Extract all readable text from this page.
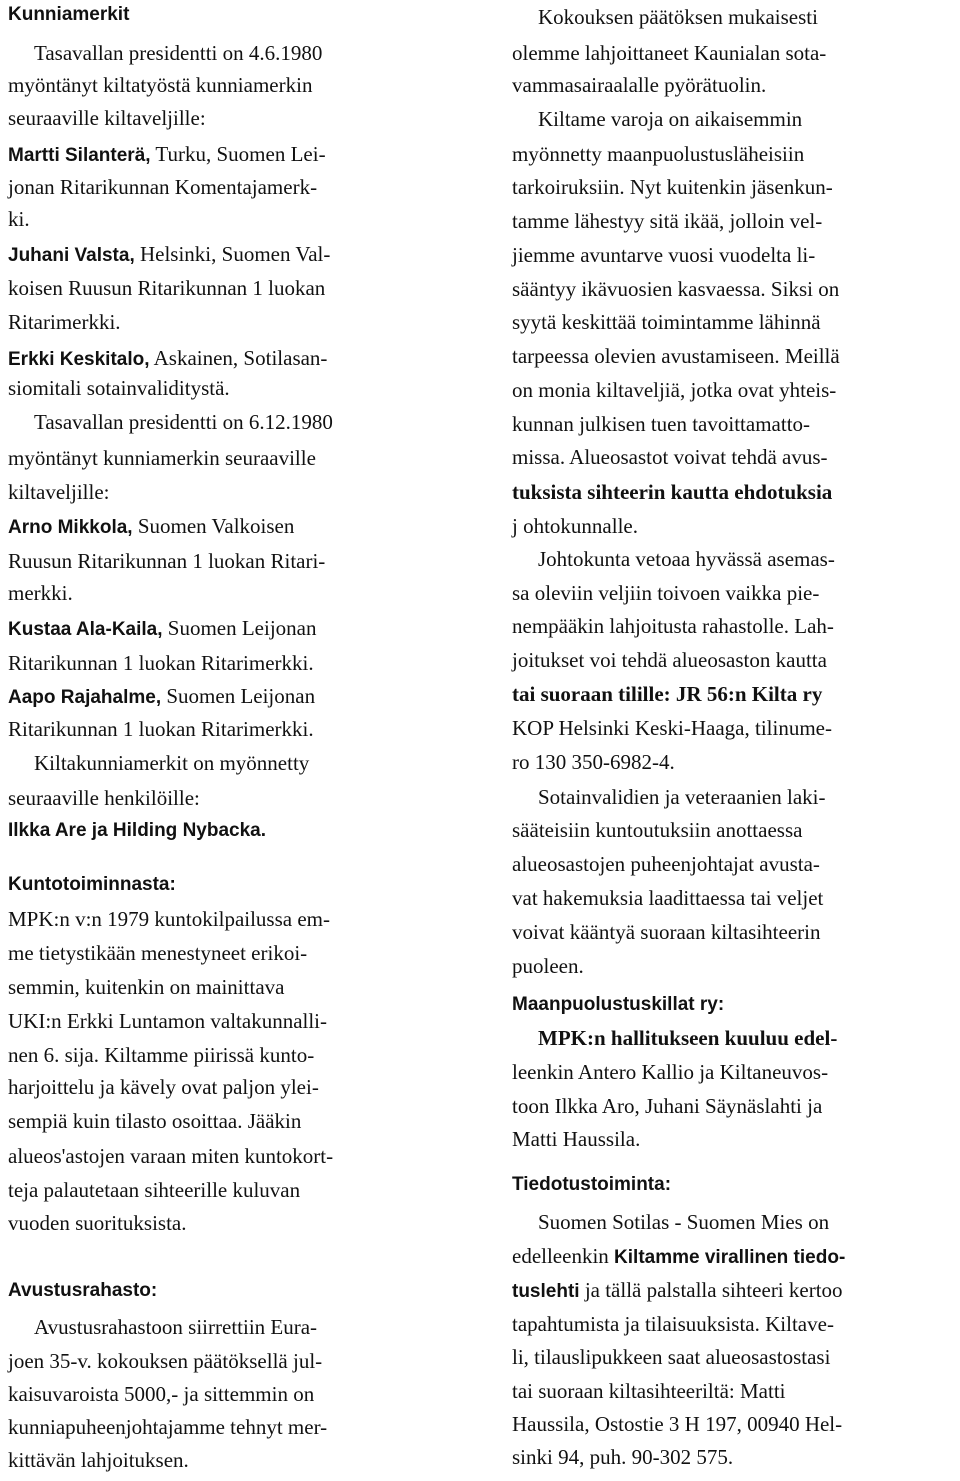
Kunniamerkit
Tasavallan presidentti on 4.6.1980
myöntänyt kiltatyöstä kunniamerkin
seuraaville kiltaveljille:
Martti Silanterä, Turku, Suomen Lei-
jonan Ritarikunnan Komentajamerk-
ki.
Juhani Valsta, Helsinki, Suomen Val-
koisen Ruusun Ritarikunnan 1 luokan
Ritarimerkki.
Erkki Keskitalo, Askainen, Sotilasan-
siomitali sotainvaliditystä.
Tasavallan presidentti on 6.12.1980
myöntänyt kunniamerkin seuraaville
kiltaveljille:
Arno Mikkola, Suomen Valkoisen
Ruusun Ritarikunnan 1 luokan Ritari-
merkki.
Kustaa Ala-Kaila, Suomen Leijonan
Ritarikunnan 1 luokan Ritarimerkki.
Aapo Rajahalme, Suomen Leijonan
Ritarikunnan 1 luokan Ritarimerkki.
Kiltakunniamerkit on myönnetty
seuraaville henkilöille:
Ilkka Are ja Hilding Nybacka.
Kuntotoiminnasta:
MPK:n v:n 1979 kuntokilpailussa em-
me tietystikään menestyneet erikoi-
semmin, kuitenkin on mainittava
UKI:n Erkki Luntamon valtakunnalli-
nen 6. sija. Kiltamme piirissä kunto-
harjoittelu ja kävely ovat paljon ylei-
sempiä kuin tilasto osoittaa. Jääkin
alueos'astojen varaan miten kuntokort-
teja palautetaan sihteerille kuluvan
vuoden suorituksista.
Avustusrahasto:
Avustusrahastoon siirrettiin Eura-
joen 35-v. kokouksen päätöksellä jul-
kaisuvaroista 5000,- ja sittemmin on
kunniapuheenjohtajamme tehnyt mer-
kittävän lahjoituksen.
Kokouksen päätöksen mukaisesti
olemme lahjoittaneet Kaunialan sota-
vammasairaalalle pyörätuolin.
Kiltame varoja on aikaisemmin
myönnetty maanpuolustusläheisiin
tarkoiruksiin. Nyt kuitenkin jäsenkun-
tamme lähestyy sitä ikää, jolloin vel-
jiemme avuntarve vuosi vuodelta li-
sääntyy ikävuosien kasvaessa. Siksi on
syytä keskittää toimintamme lähinnä
tarpeessa olevien avustamiseen. Meillä
on monia kiltaveljiä, jotka ovat yhteis-
kunnan julkisen tuen tavoittamatto-
missa. Alueosastot voivat tehdä avus-
tuksista sihteerin kautta ehdotuksia
j ohtokunnalle.
Johtokunta vetoaa hyvässä asemas-
sa oleviin veljiin toivoen vaikka pie-
nempääkin lahjoitusta rahastolle. Lah-
joitukset voi tehdä alueosaston kautta
tai suoraan tilille: JR 56:n Kilta ry
KOP Helsinki Keski-Haaga, tilinume-
ro 130 350-6982-4.
Sotainvalidien ja veteraanien laki-
sääteisiin kuntoutuksiin anottaessa
alueosastojen puheenjohtajat avusta-
vat hakemuksia laadittaessa tai veljet
voivat kääntyä suoraan kiltasihteerin
puoleen.
Maanpuolustuskillat ry:
MPK:n hallitukseen kuuluu edel-
leenkin Antero Kallio ja Kiltaneuvos-
toon Ilkka Aro, Juhani Säynäslahti ja
Matti Haussila.
Tiedotustoiminta:
Suomen Sotilas - Suomen Mies on
edelleenkin Kiltamme virallinen tiedo-
tuslehti ja tällä palstalla sihteeri kertoo
tapahtumista ja tilaisuuksista. Kiltave-
li, tilauslipukkeen saat alueosastostasi
tai suoraan kiltasihteeriltä: Matti
Haussila, Ostostie 3 H 197, 00940 Hel-
sinki 94, puh. 90-302 575.
